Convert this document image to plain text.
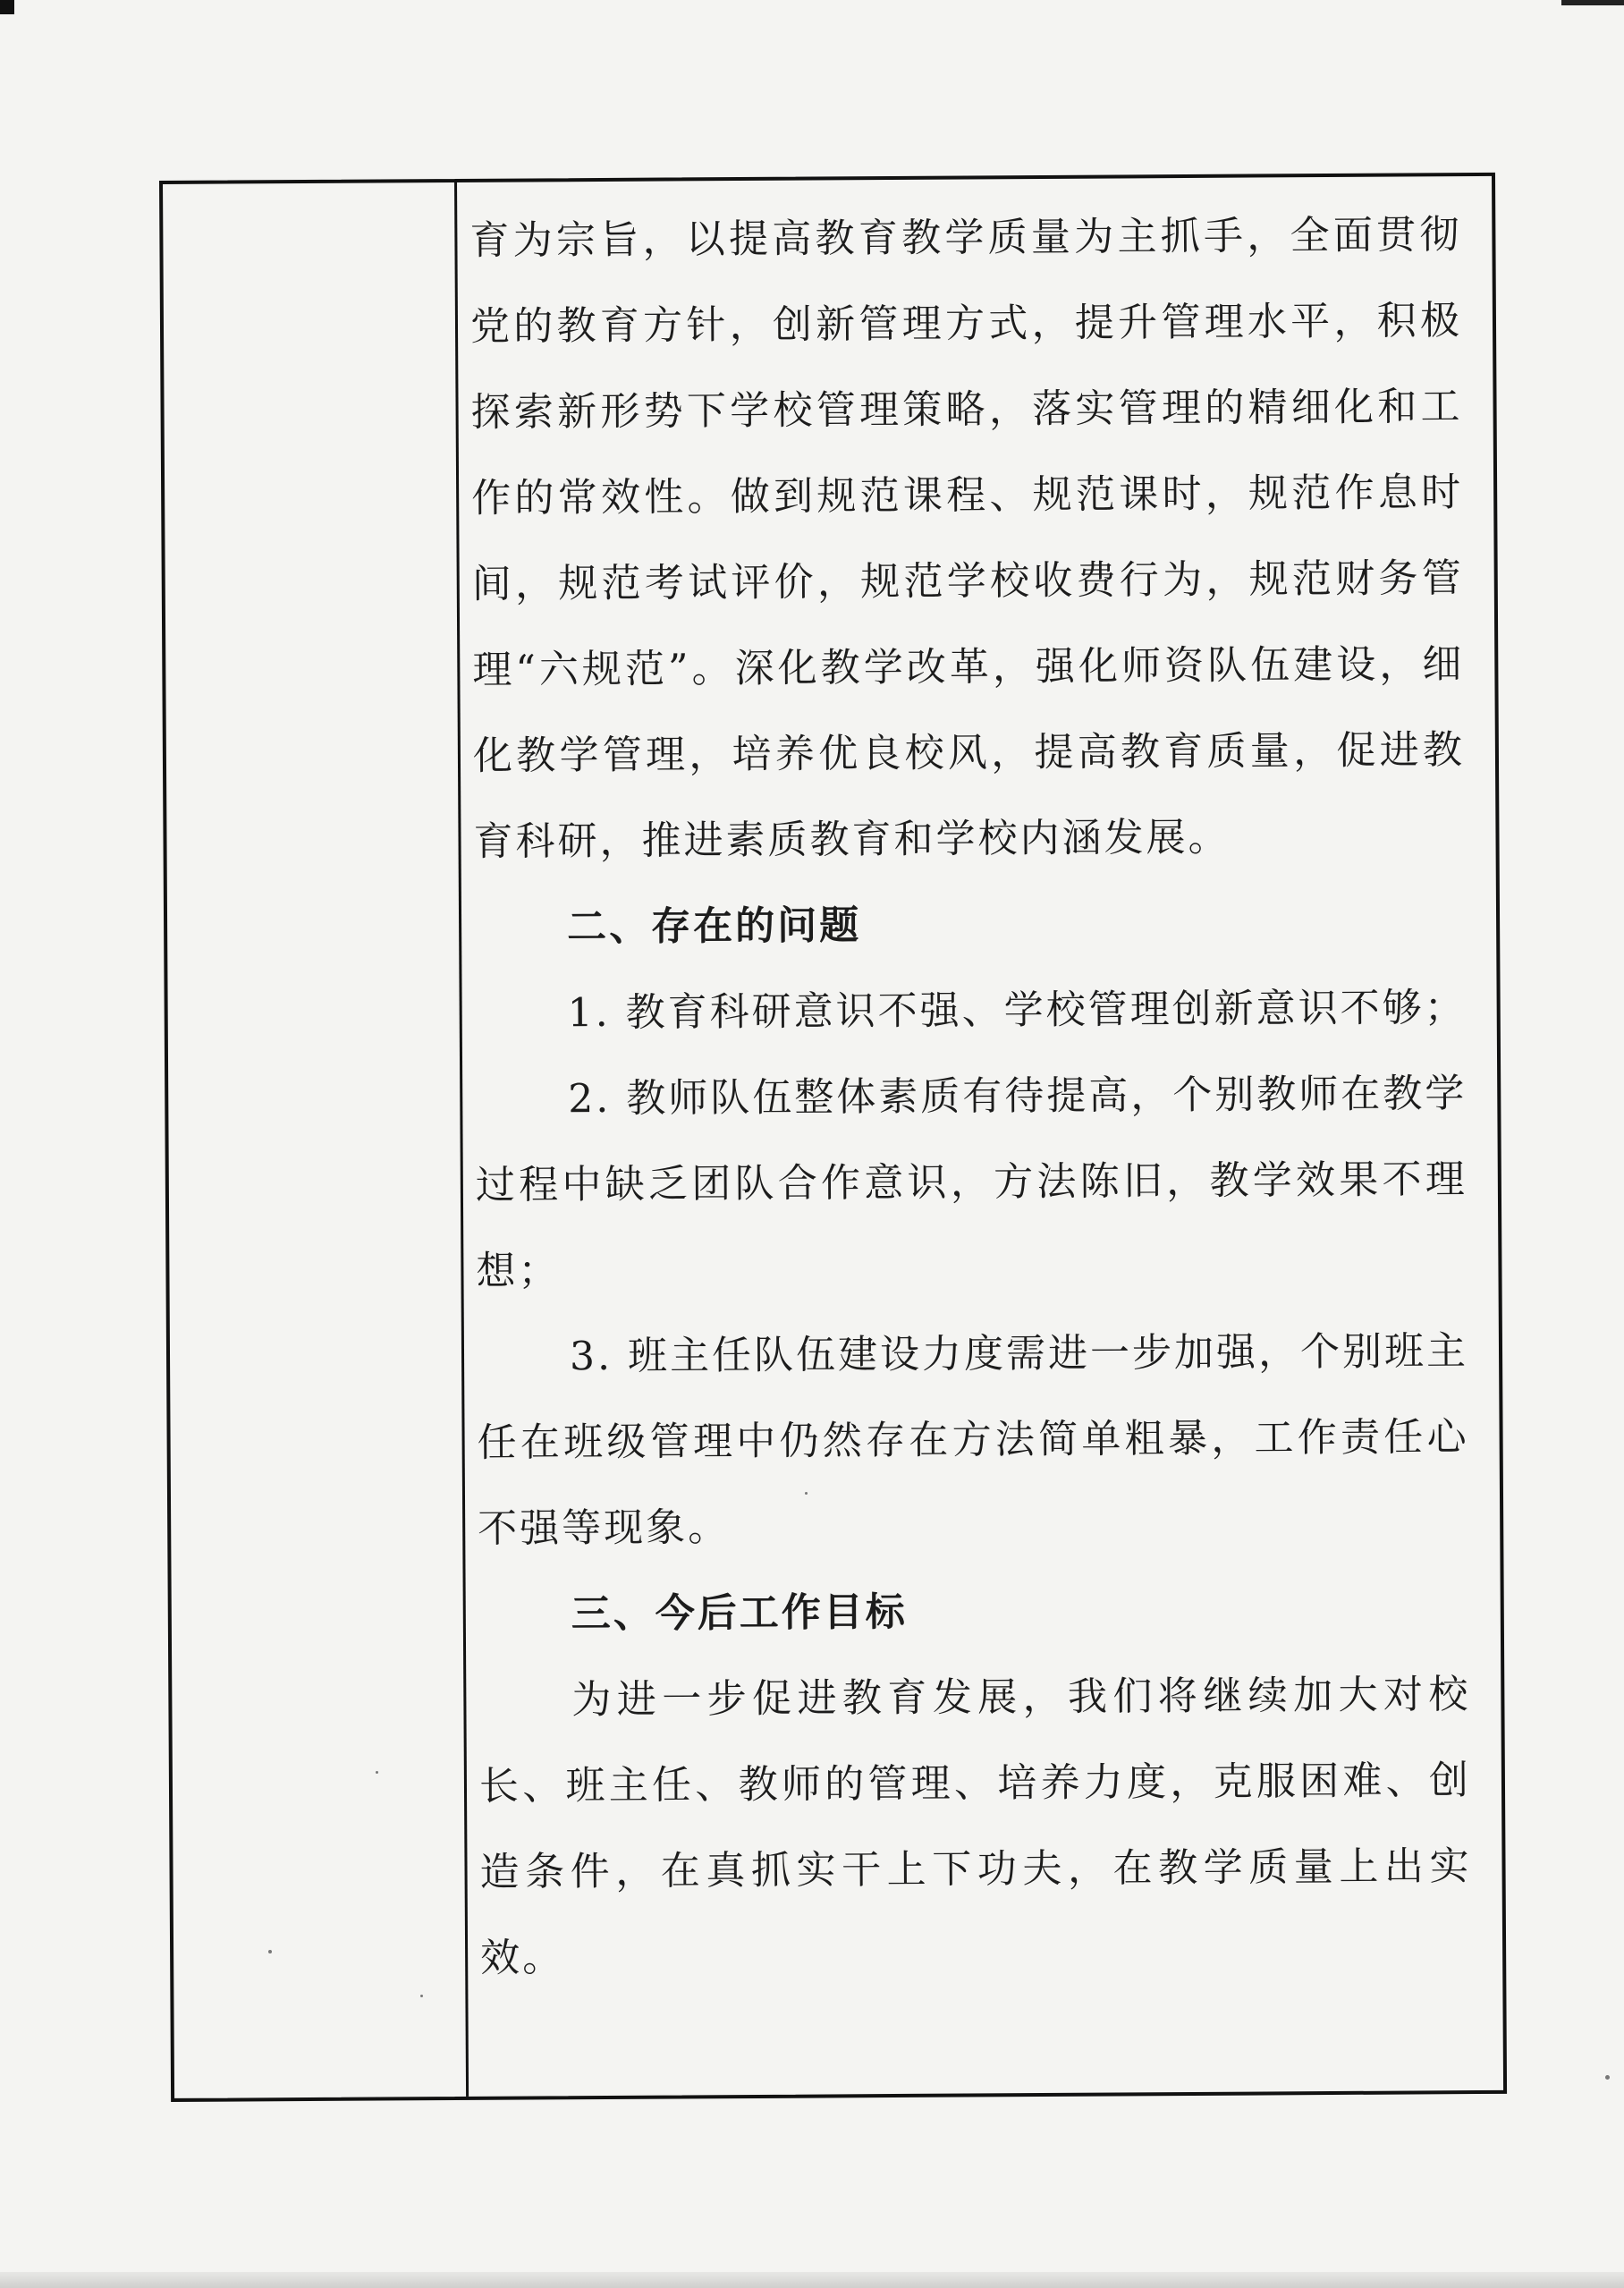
育为宗旨，以提高教育教学质量为主抓手，全面贯彻党的教育方针，创新管理方式，提升管理水平，积极探索新形势下学校管理策略，落实管理的精细化和工作的常效性。做到规范课程、规范课时，规范作息时间，规范考试评价，规范学校收费行为，规范财务管理“六规范”。深化教学改革，强化师资队伍建设，细化教学管理，培养优良校风，提高教育质量，促进教育科研，推进素质教育和学校内涵发展。

二、存在的问题

1. 教育科研意识不强、学校管理创新意识不够；

2. 教师队伍整体素质有待提高，个别教师在教学过程中缺乏团队合作意识，方法陈旧，教学效果不理想；

3. 班主任队伍建设力度需进一步加强，个别班主任在班级管理中仍然存在方法简单粗暴，工作责任心不强等现象。

三、今后工作目标

为进一步促进教育发展，我们将继续加大对校长、班主任、教师的管理、培养力度，克服困难、创造条件，在真抓实干上下功夫，在教学质量上出实效。
